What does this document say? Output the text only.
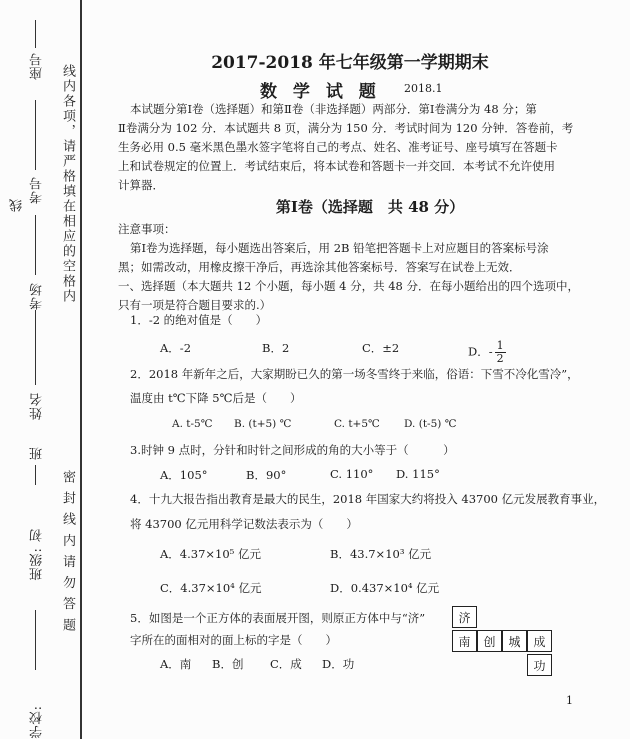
座号 线内各项，请严格填在相应的空格内
考号
线
考场
姓名
班
班级: 初 密 封 线 内 请 勿 答 题
学校:
2017-2018 年七年级第一学期期末
数 学 试 题 2018.1
本试题分第Ⅰ卷（选择题）和第Ⅱ卷（非选择题）两部分．第Ⅰ卷满分为 48 分；第
Ⅱ卷满分为 102 分．本试题共 8 页，满分为 150 分．考试时间为 120 分钟．答卷前，考
生务必用 0.5 毫米黑色墨水签字笔将自己的考点、姓名、准考证号、座号填写在答题卡
上和试卷规定的位置上．考试结束后，将本试卷和答题卡一并交回．本考试不允许使用
计算器．
第Ⅰ卷（选择题　共 48 分）
注意事项：
第Ⅰ卷为选择题，每小题选出答案后，用 2B 铅笔把答题卡上对应题目的答案标号涂
黑；如需改动，用橡皮擦干净后，再选涂其他答案标号．答案写在试卷上无效．
一、选择题（本大题共 12 个小题，每小题 4 分，共 48 分．在每小题给出的四个选项中，
只有一项是符合题目要求的.）
1．-2 的绝对值是（　　）
A．-2	B．2	C．±2	D．- $\frac{1}{2}$
2．2018 年新年之后，大家期盼已久的第一场冬雪终于来临，俗语：下雪不冷化雪冷”，
温度由 t℃下降 5℃后是（　　）
A. t-5℃ B. (t+5) ℃	C. t+5℃ D. (t-5) ℃
3.时钟 9 点时，分针和时针之间形成的角的大小等于（　　　）
A．105°	B．90°	C. 110° D. 115°
4．十九大报告指出教育是最大的民生，2018 年国家大约将投入 43700 亿元发展教育事业，
将 43700 亿元用科学记数法表示为（　　）
A．4.37×10⁵ 亿元	B．43.7×10³ 亿元
C．4.37×10⁴ 亿元	D．0.437×10⁴ 亿元
5．如图是一个正方体的表面展开图，则原正方体中与“济”
字所在的面相对的面上标的字是（　　）
A．南 B．创 C．成 D．功
济
南	创	城	成
功
1
